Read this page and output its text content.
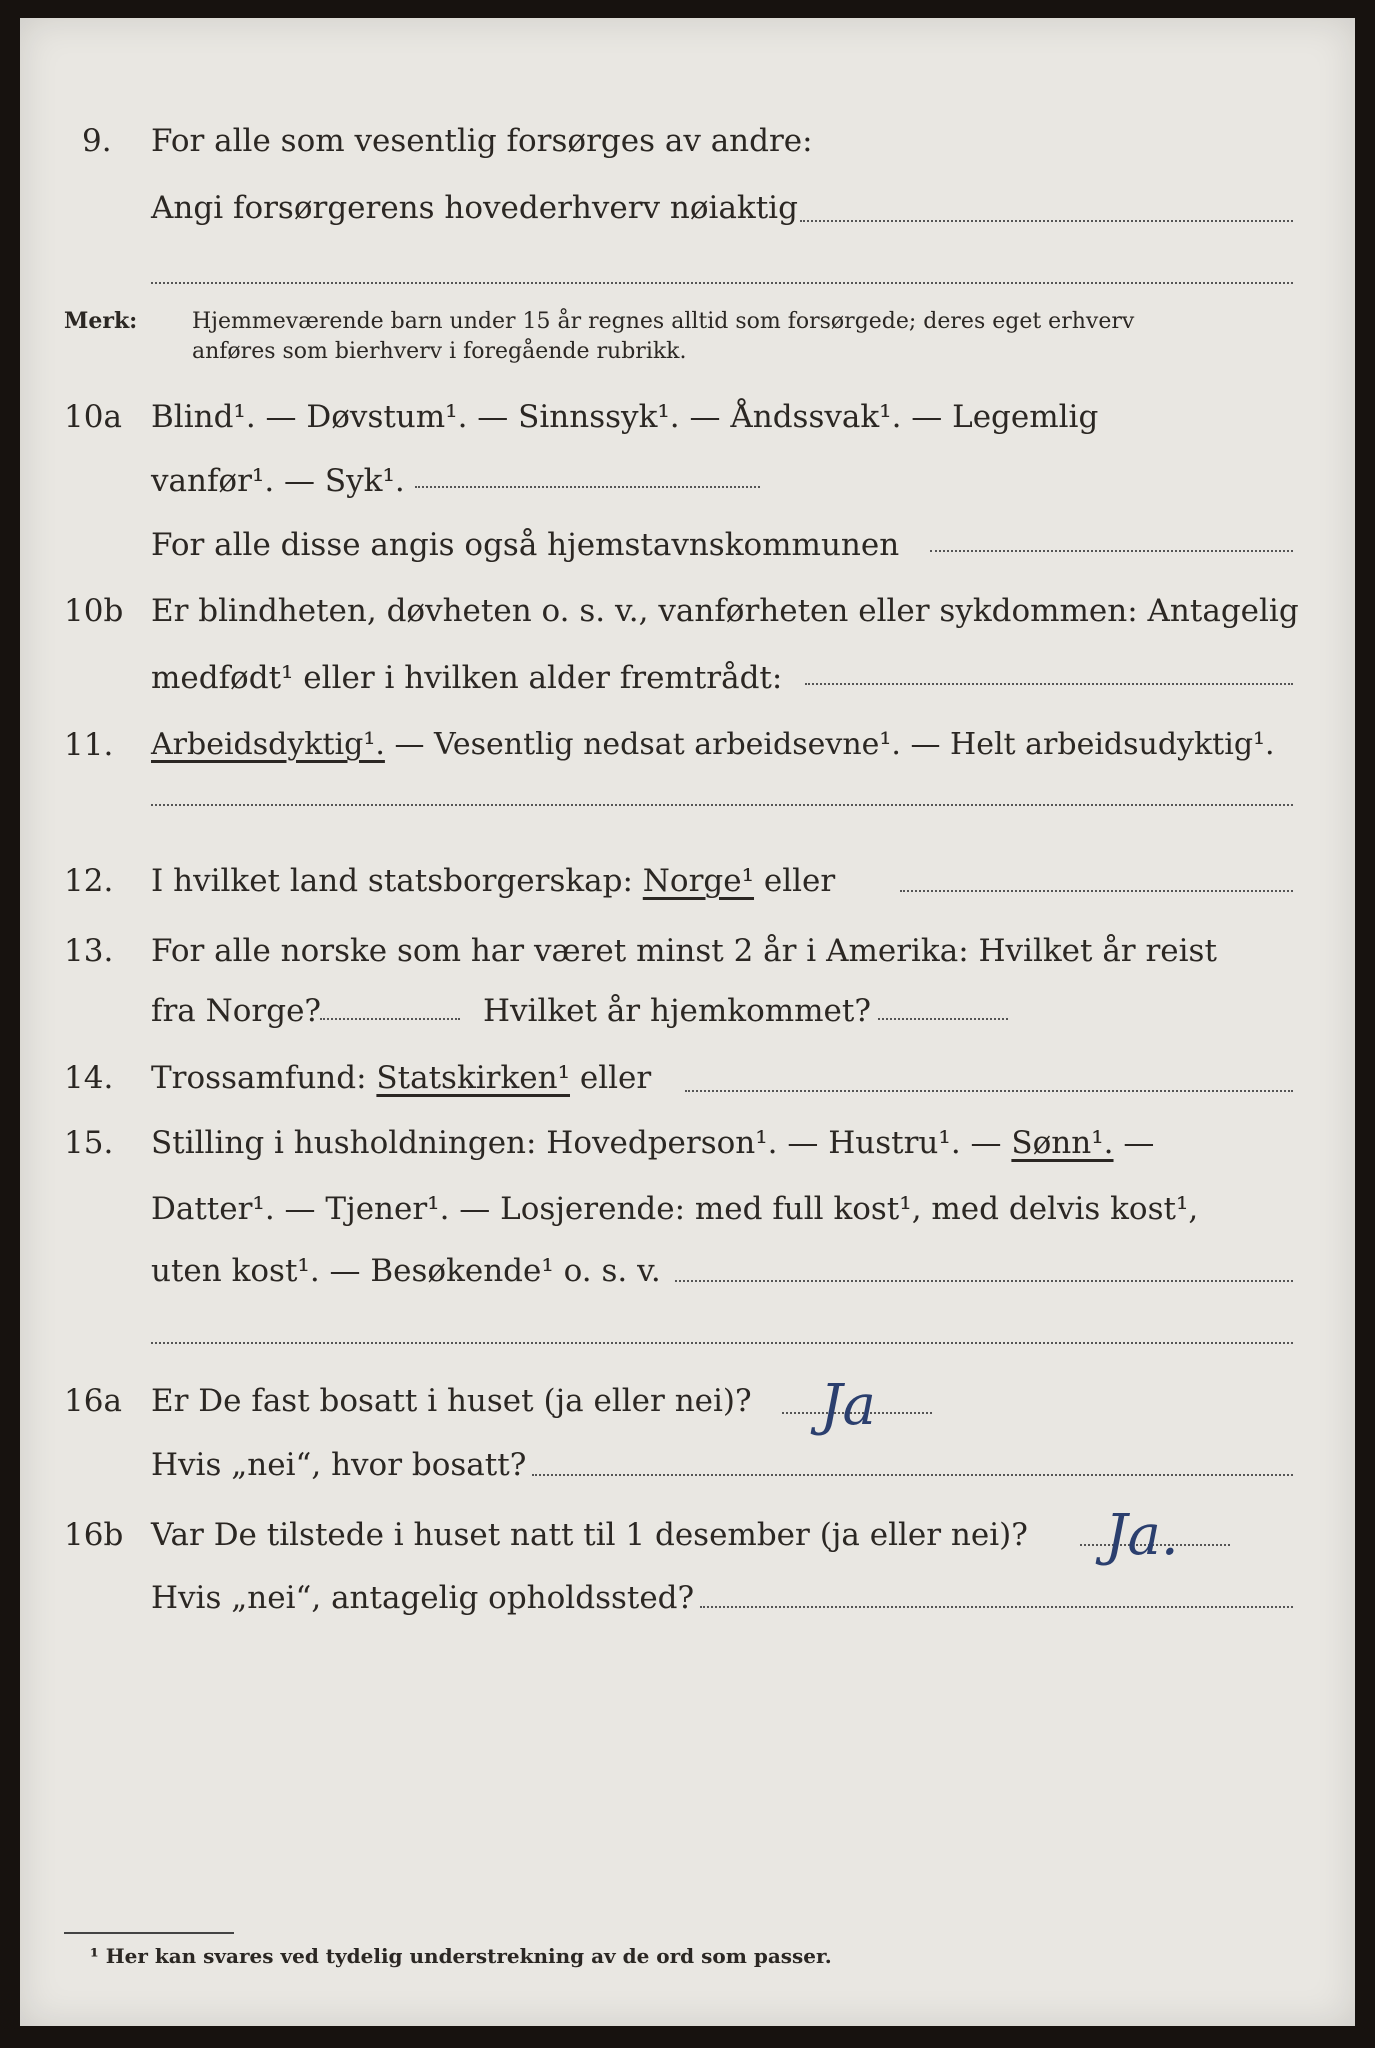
9. For alle som vesentlig forsørges av andre:
Angi forsørgerens hovederhverv nøiaktig
Merk: Hjemmeværende barn under 15 år regnes alltid som forsørgede; deres eget erhverv
anføres som bierhverv i foregående rubrikk.
10a Blind¹. — Døvstum¹. — Sinnssyk¹. — Åndssvak¹. — Legemlig
vanfør¹. — Syk¹.
For alle disse angis også hjemstavnskommunen
10b Er blindheten, døvheten o. s. v., vanførheten eller sykdommen: Antagelig
medfødt¹ eller i hvilken alder fremtrådt:
11. Arbeidsdyktig¹. — Vesentlig nedsat arbeidsevne¹. — Helt arbeidsudyktig¹.
12. I hvilket land statsborgerskap: Norge¹ eller
13. For alle norske som har været minst 2 år i Amerika: Hvilket år reist
fra Norge?	Hvilket år hjemkommet?
14. Trossamfund: Statskirken¹ eller
15. Stilling i husholdningen: Hovedperson¹. — Hustru¹. — Sønn¹. —
Datter¹. — Tjener¹. — Losjerende: med full kost¹, med delvis kost¹,
uten kost¹. — Besøkende¹ o. s. v.
16a Er De fast bosatt i huset (ja eller nei)? Ja
Hvis „nei“, hvor bosatt?
16b Var De tilstede i huset natt til 1 desember (ja eller nei)? Ja.
Hvis „nei“, antagelig opholdssted?
¹ Her kan svares ved tydelig understrekning av de ord som passer.
